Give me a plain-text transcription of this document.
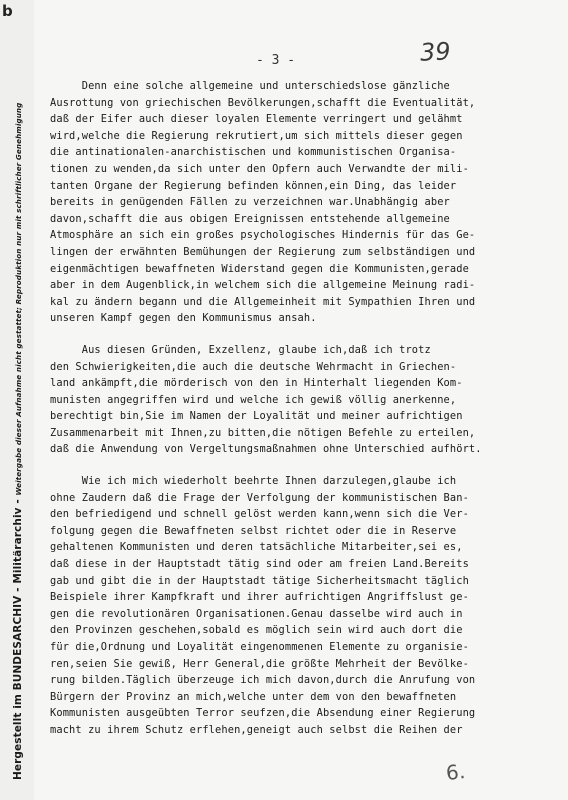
b
Hergestellt im BUNDESARCHIV - Militärarchiv - Weitergabe dieser Aufnahme nicht gestattet; Reproduktion nur mit schriftlicher Genehmigung
- 3 -	39
Denn eine solche allgemeine und unterschiedslose gänzliche
Ausrottung von griechischen Bevölkerungen,schafft die Eventualität,
daß der Eifer auch dieser loyalen Elemente verringert und gelähmt
wird,welche die Regierung rekrutiert,um sich mittels dieser gegen
die antinationalen-anarchistischen und kommunistischen Organisa-
tionen zu wenden,da sich unter den Opfern auch Verwandte der mili-
tanten Organe der Regierung befinden können,ein Ding, das leider
bereits in genügenden Fällen zu verzeichnen war.Unabhängig aber
davon,schafft die aus obigen Ereignissen entstehende allgemeine
Atmosphäre an sich ein großes psychologisches Hindernis für das Ge-
lingen der erwähnten Bemühungen der Regierung zum selbständigen und
eigenmächtigen bewaffneten Widerstand gegen die Kommunisten,gerade
aber in dem Augenblick,in welchem sich die allgemeine Meinung radi-
kal zu ändern begann und die Allgemeinheit mit Sympathien Ihren und
unseren Kampf gegen den Kommunismus ansah.
Aus diesen Gründen, Exzellenz, glaube ich,daß ich trotz
den Schwierigkeiten,die auch die deutsche Wehrmacht in Griechen-
land ankämpft,die mörderisch von den in Hinterhalt liegenden Kom-
munisten angegriffen wird und welche ich gewiß völlig anerkenne,
berechtigt bin,Sie im Namen der Loyalität und meiner aufrichtigen
Zusammenarbeit mit Ihnen,zu bitten,die nötigen Befehle zu erteilen,
daß die Anwendung von Vergeltungsmaßnahmen ohne Unterschied aufhört.
Wie ich mich wiederholt beehrte Ihnen darzulegen,glaube ich
ohne Zaudern daß die Frage der Verfolgung der kommunistischen Ban-
den befriedigend und schnell gelöst werden kann,wenn sich die Ver-
folgung gegen die Bewaffneten selbst richtet oder die in Reserve
gehaltenen Kommunisten und deren tatsächliche Mitarbeiter,sei es,
daß diese in der Hauptstadt tätig sind oder am freien Land.Bereits
gab und gibt die in der Hauptstadt tätige Sicherheitsmacht täglich
Beispiele ihrer Kampfkraft und ihrer aufrichtigen Angriffslust ge-
gen die revolutionären Organisationen.Genau dasselbe wird auch in
den Provinzen geschehen,sobald es möglich sein wird auch dort die
für die,Ordnung und Loyalität eingenommenen Elemente zu organisie-
ren,seien Sie gewiß, Herr General,die größte Mehrheit der Bevölke-
rung bilden.Täglich überzeuge ich mich davon,durch die Anrufung von
Bürgern der Provinz an mich,welche unter dem von den bewaffneten
Kommunisten ausgeübten Terror seufzen,die Absendung einer Regierung
macht zu ihrem Schutz erflehen,geneigt auch selbst die Reihen der
6.
